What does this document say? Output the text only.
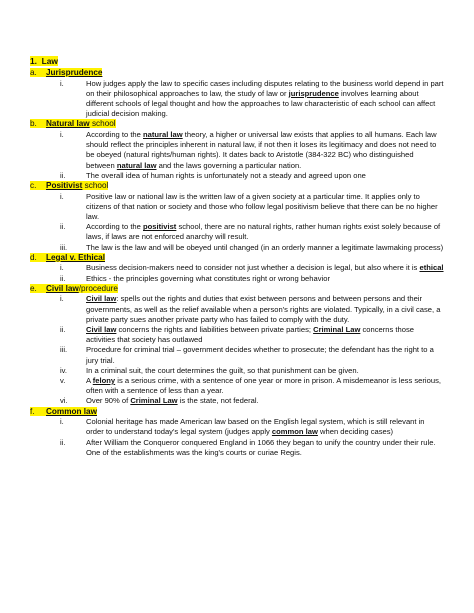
1. Law
a. Jurisprudence
i.	How judges apply the law to specific cases including disputes relating to the business world depend in part on their philosophical approaches to law, the study of law or jurisprudence involves learning about different schools of legal thought and how the approaches to law characteristic of each school can affect judicial decision making.
b. Natural law school
i.	According to the natural law theory, a higher or universal law exists that applies to all humans. Each law should reflect the principles inherent in natural law, if not then it loses its legitimacy and does not need to be obeyed (natural rights/human rights). It dates back to Aristotle (384-322 BC) who distinguished between natural law and the laws governing a particular nation.
ii.	The overall idea of human rights is unfortunately not a steady and agreed upon one
c. Positivist school
i.	Positive law or national law is the written law of a given society at a particular time. It applies only to citizens of that nation or society and those who follow legal positivism believe that there can be no higher law.
ii.	According to the positivist school, there are no natural rights, rather human rights exist solely because of laws, if laws are not enforced anarchy will result.
iii.	The law is the law and will be obeyed until changed (in an orderly manner a legitimate lawmaking process)
d. Legal v. Ethical
i.	Business decision-makers need to consider not just whether a decision is legal, but also where it is ethical
ii.	Ethics - the principles governing what constitutes right or wrong behavior
e. Civil law/procedure
i.	Civil law: spells out the rights and duties that exist between persons and between persons and their governments, as well as the relief available when a person's rights are violated. Typically, in a civil case, a private party sues another private party who has failed to comply with the duty.
ii.	Civil law concerns the rights and liabilities between private parties; Criminal Law concerns those activities that society has outlawed
iii.	Procedure for criminal trial – government decides whether to prosecute; the defendant has the right to a jury trial.
iv.	In a criminal suit, the court determines the guilt, so that punishment can be given.
v.	A felony is a serious crime, with a sentence of one year or more in prison. A misdemeanor is less serious, often with a sentence of less than a year.
vi.	Over 90% of Criminal Law is the state, not federal.
f. Common law
i.	Colonial heritage has made American law based on the English legal system, which is still relevant in order to understand today's legal system (judges apply common law when deciding cases)
ii.	After William the Conqueror conquered England in 1066 they began to unify the country under their rule. One of the establishments was the king's courts or curiae Regis.
